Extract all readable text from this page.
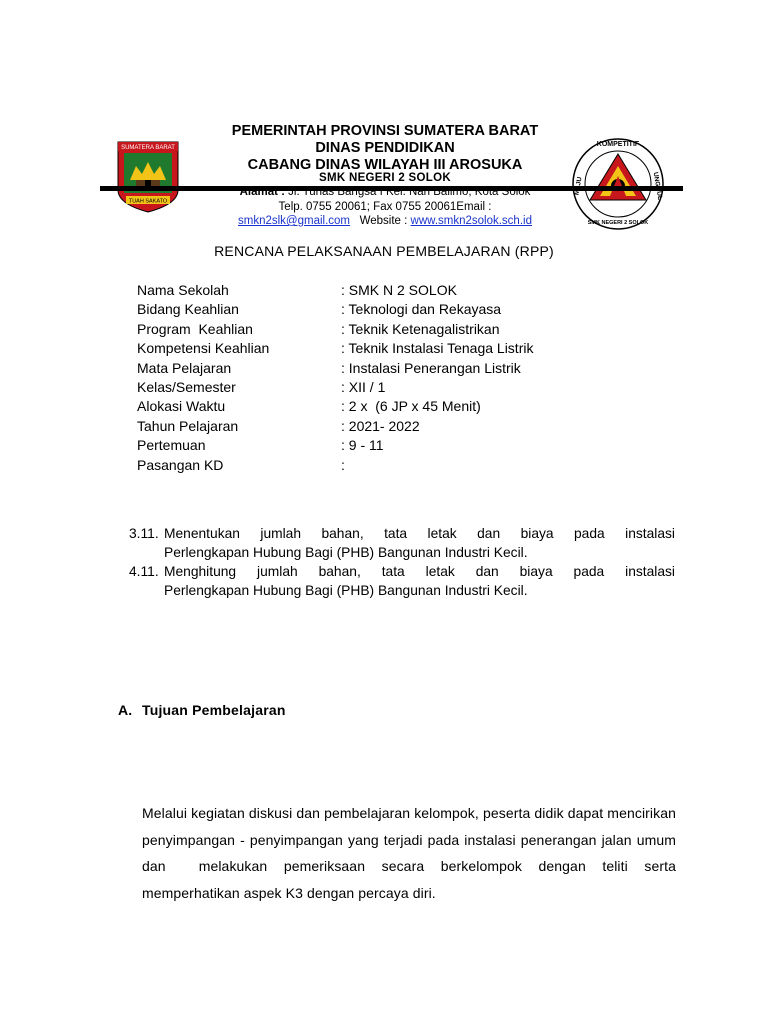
SUMATERA BARAT
TUAH SAKATO
KOMPETITIF
SMK NEGERI 2 SOLOK
PEMERINTAH PROVINSI SUMATERA BARAT
DINAS PENDIDIKAN
CABANG DINAS WILAYAH III AROSUKA
SMK NEGERI 2 SOLOK
Alamat : Jl. Tunas Bangsa I Kel. Nan Balimo, Kota Solok
Telp. 0755 20061; Fax 0755 20061Email :
smkn2slk@gmail.com Website : www.smkn2solok.sch.id
RENCANA PELAKSANAAN PEMBELAJARAN (RPP)
Nama Sekolah	: SMK N 2 SOLOK
Bidang Keahlian	: Teknologi dan Rekayasa
Program  Keahlian	: Teknik Ketenagalistrikan
Kompetensi Keahlian	: Teknik Instalasi Tenaga Listrik
Mata Pelajaran	: Instalasi Penerangan Listrik
Kelas/Semester	: XII / 1
Alokasi Waktu	: 2 x  (6 JP x 45 Menit)
Tahun Pelajaran	: 2021- 2022
Pertemuan	: 9 - 11
Pasangan KD	:
3.11. Menentukan jumlah bahan, tata letak dan biaya pada instalasi
Perlengkapan Hubung Bagi (PHB) Bangunan Industri Kecil.
4.11. Menghitung jumlah bahan, tata letak dan biaya pada instalasi
Perlengkapan Hubung Bagi (PHB) Bangunan Industri Kecil.
A. Tujuan Pembelajaran
Melalui kegiatan diskusi dan pembelajaran kelompok, peserta didik dapat mencirikan penyimpangan - penyimpangan yang terjadi pada instalasi penerangan jalan umum dan  melakukan pemeriksaan secara berkelompok dengan teliti serta memperhatikan aspek K3 dengan percaya diri.
